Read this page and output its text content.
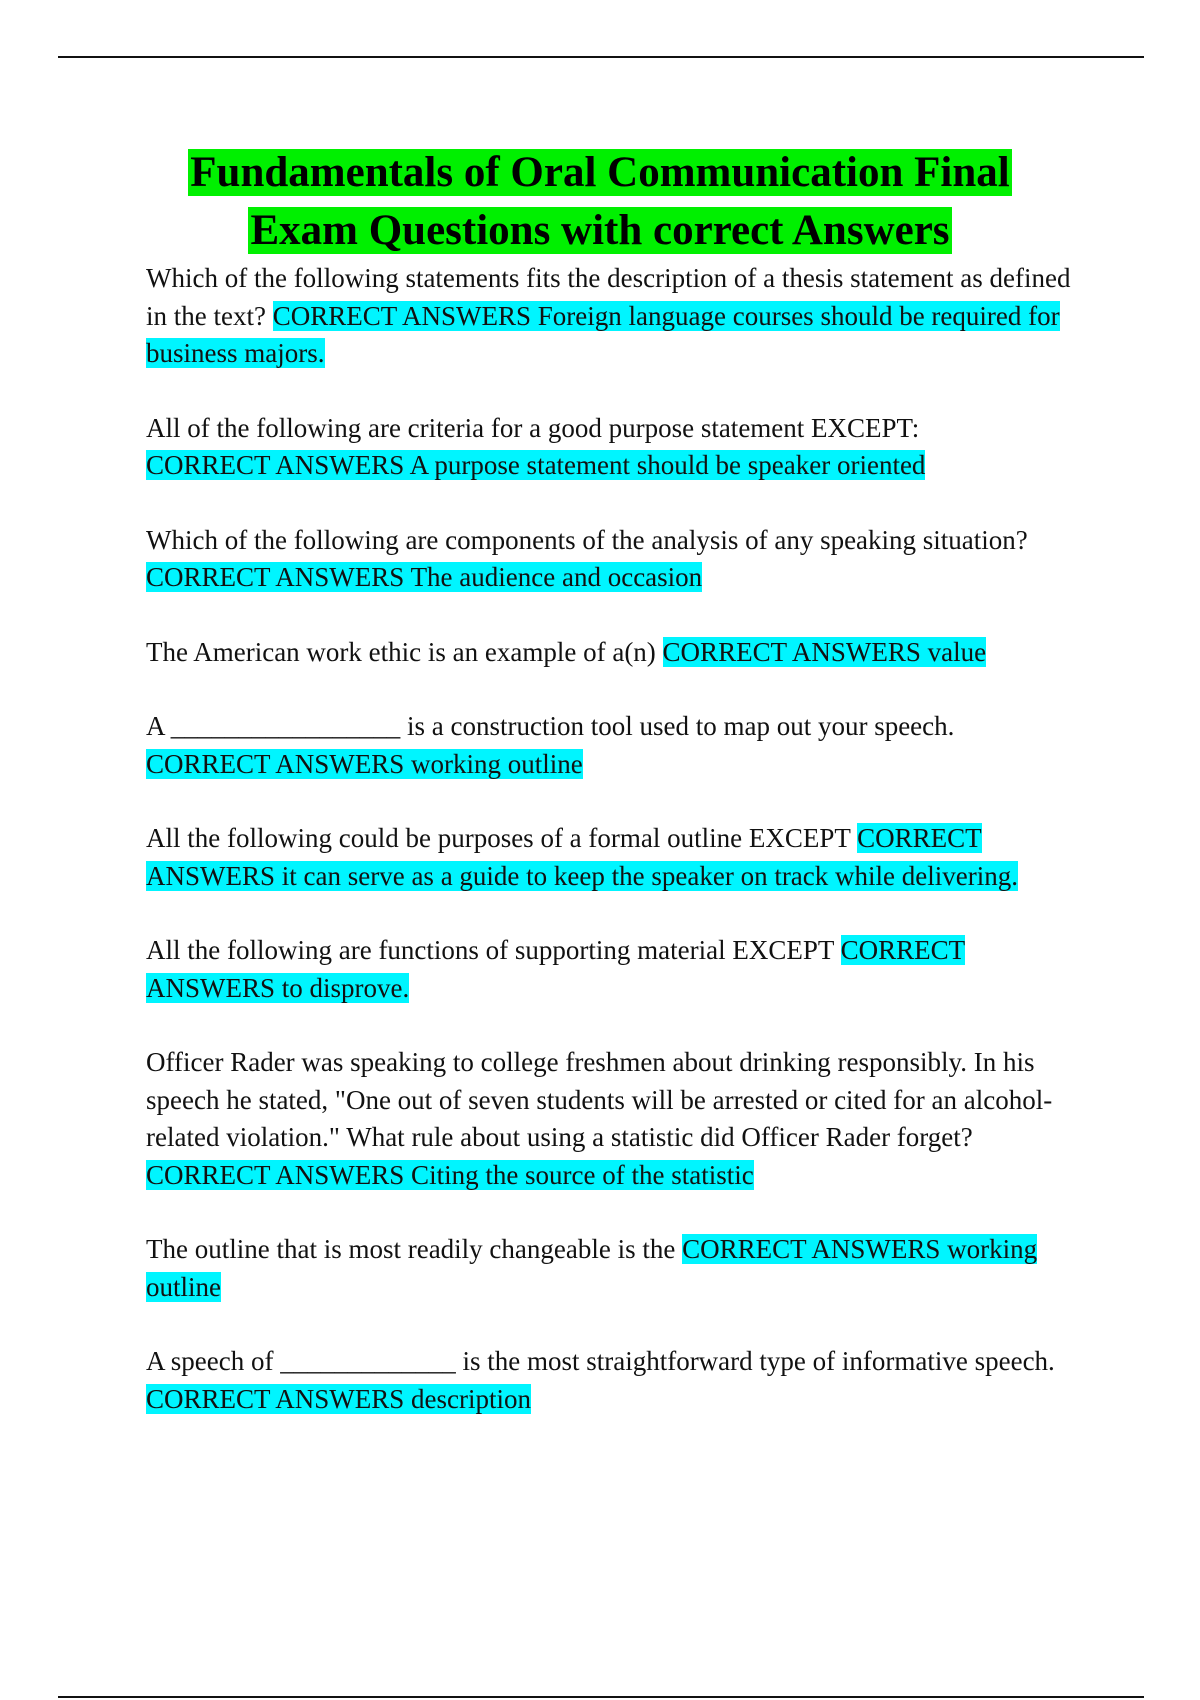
Fundamentals of Oral Communication Final
Exam Questions with correct Answers
Which of the following statements fits the description of a thesis statement as defined in the text? CORRECT ANSWERS Foreign language courses should be required for business majors.
All of the following are criteria for a good purpose statement EXCEPT:
CORRECT ANSWERS A purpose statement should be speaker oriented
Which of the following are components of the analysis of any speaking situation?
CORRECT ANSWERS The audience and occasion
The American work ethic is an example of a(n) CORRECT ANSWERS value
A _________________ is a construction tool used to map out your speech.
CORRECT ANSWERS working outline
All the following could be purposes of a formal outline EXCEPT CORRECT ANSWERS it can serve as a guide to keep the speaker on track while delivering.
All the following are functions of supporting material EXCEPT CORRECT ANSWERS to disprove.
Officer Rader was speaking to college freshmen about drinking responsibly. In his speech he stated, "One out of seven students will be arrested or cited for an alcohol-related violation." What rule about using a statistic did Officer Rader forget? CORRECT ANSWERS Citing the source of the statistic
The outline that is most readily changeable is the CORRECT ANSWERS working outline
A speech of _____________ is the most straightforward type of informative speech.
CORRECT ANSWERS description
